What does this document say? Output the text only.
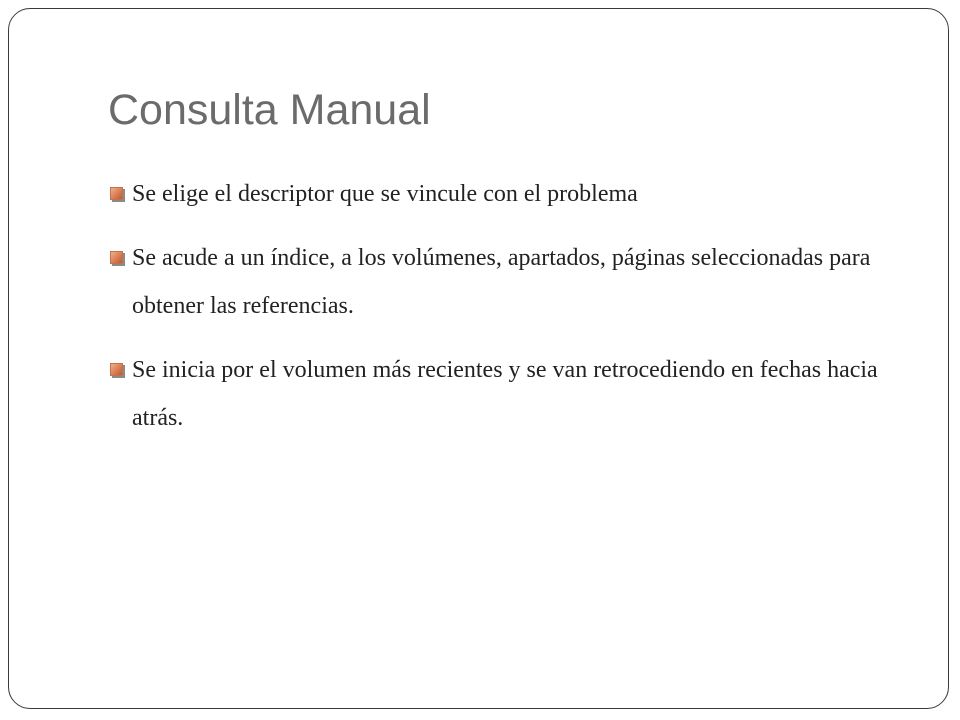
Consulta Manual
Se elige el descriptor que se vincule con el problema
Se acude a un índice, a los volúmenes, apartados, páginas seleccionadas para obtener las referencias.
Se inicia por el volumen más recientes y se van retrocediendo en fechas hacia atrás.
